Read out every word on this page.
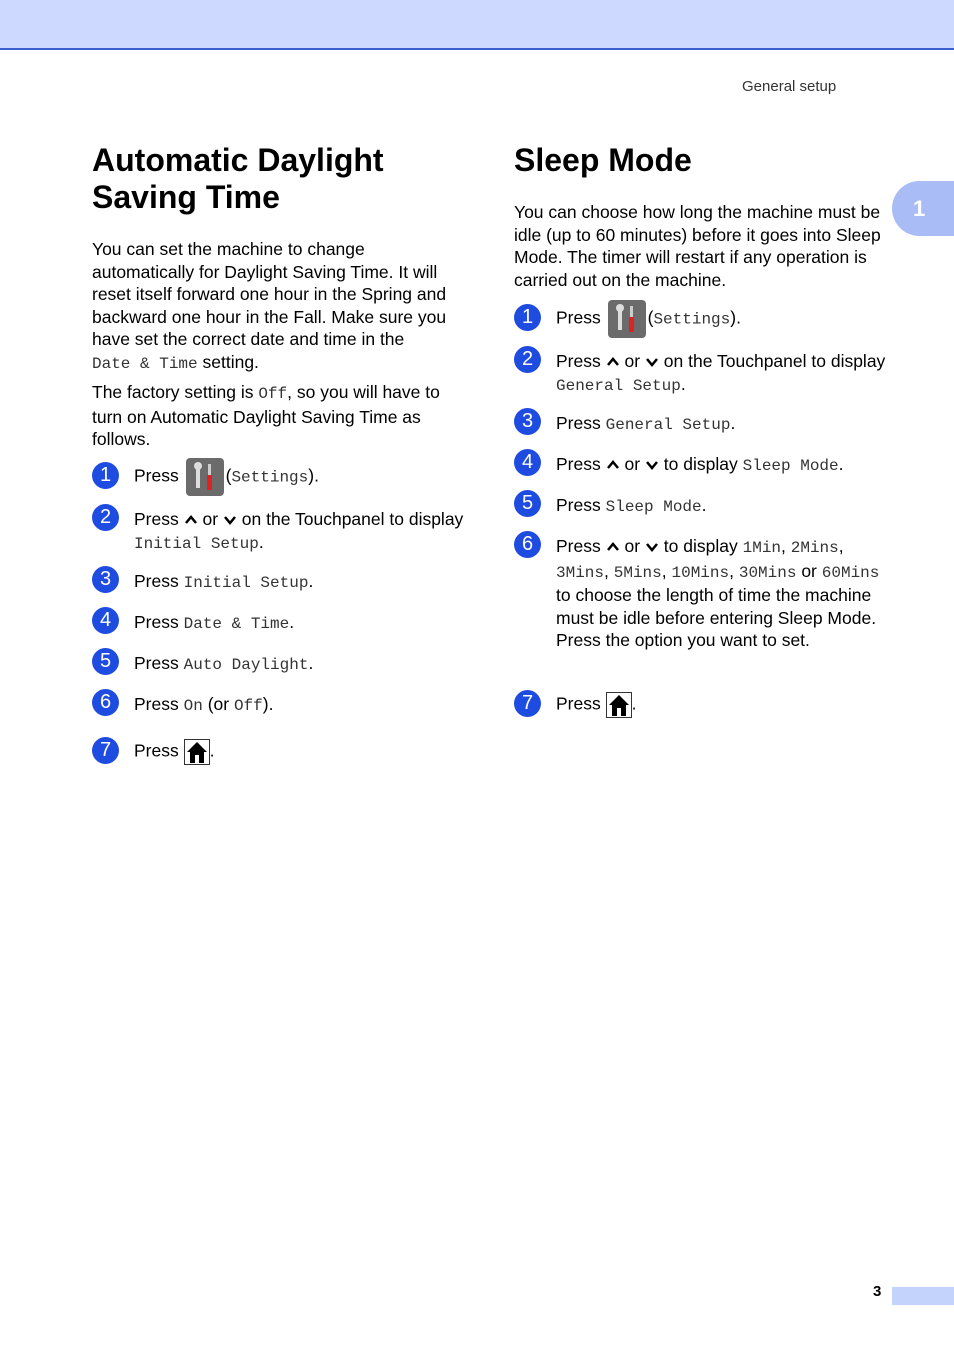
General setup
1
Automatic Daylight
Saving Time

You can set the machine to change automatically for Daylight Saving Time. It will reset itself forward one hour in the Spring and backward one hour in the Fall. Make sure you have set the correct date and time in the Date & Time setting.

The factory setting is Off, so you will have to turn on Automatic Daylight Saving Time as follows.

1	Press	(Settings).
2	Press or on the Touchpanel to display Initial Setup.
3	Press Initial Setup.
4	Press Date & Time.
5	Press Auto Daylight.
6	Press On (or Off).
7	Press .
Sleep Mode

You can choose how long the machine must be idle (up to 60 minutes) before it goes into Sleep Mode. The timer will restart if any operation is carried out on the machine.

1	Press	(Settings).
2	Press or on the Touchpanel to display General Setup.
3	Press General Setup.
4	Press or to display Sleep Mode.
5	Press Sleep Mode.
6	Press or to display 1Min, 2Mins, 3Mins, 5Mins, 10Mins, 30Mins or 60Mins to choose the length of time the machine must be idle before entering Sleep Mode. Press the option you want to set.
7	Press .
3
